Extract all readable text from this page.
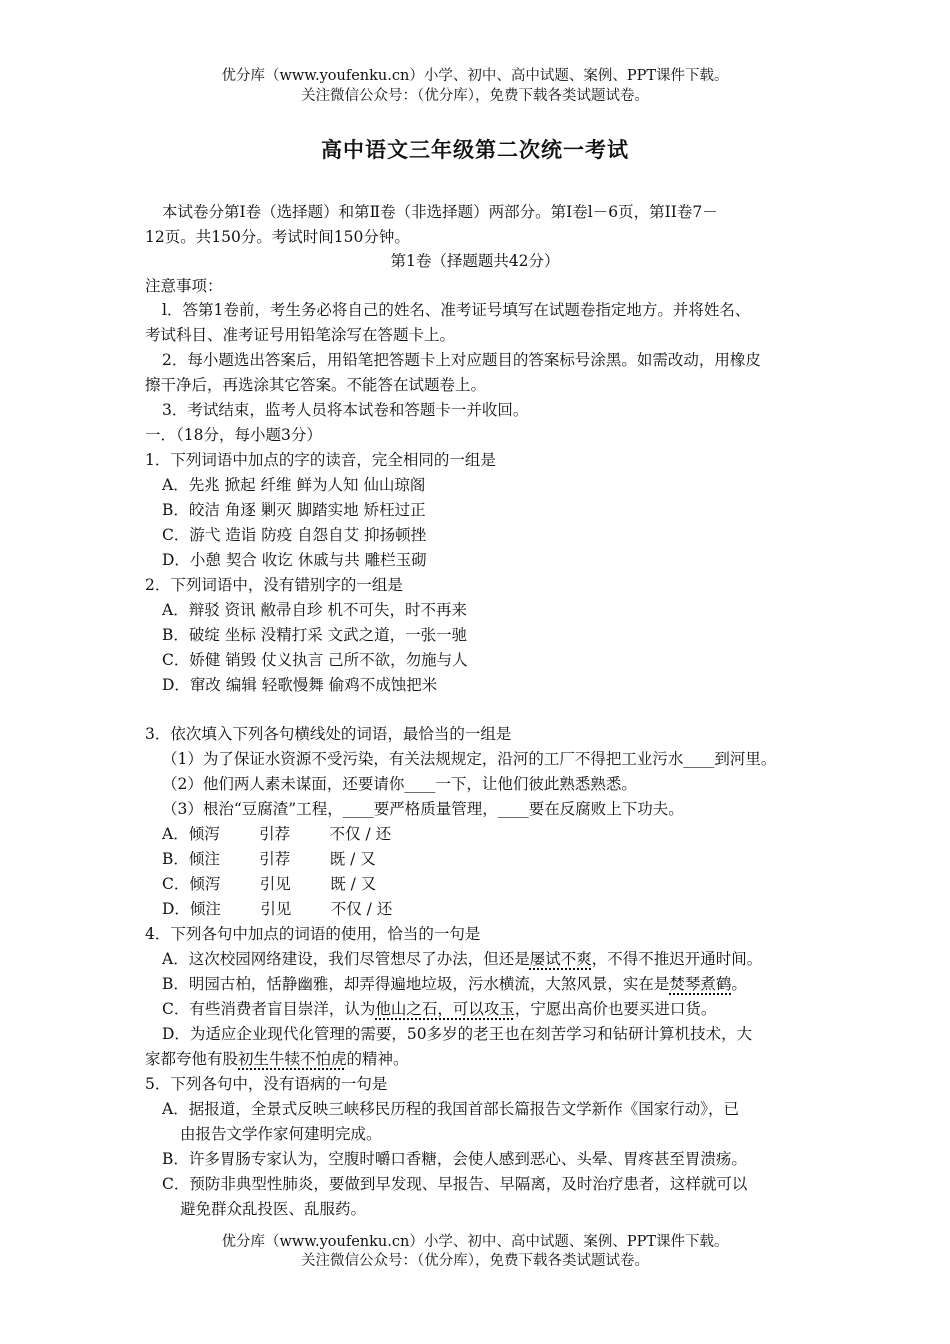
优分库（www.youfenku.cn）小学、初中、高中试题、案例、PPT课件下载。
关注微信公众号：（优分库），免费下载各类试题试卷。
高中语文三年级第二次统一考试
本试卷分第Ⅰ卷（选择题）和第Ⅱ卷（非选择题）两部分。第Ⅰ卷l－6页，第II卷7－
12页。共150分。考试时间150分钟。
第1卷（择题题共42分）
注意事项：
l．答第1卷前，考生务必将自己的姓名、准考证号填写在试题卷指定地方。并将姓名、
考试科目、准考证号用铅笔涂写在答题卡上。
2．每小题选出答案后，用铅笔把答题卡上对应题目的答案标号涂黑。如需改动，用橡皮
擦干净后，再选涂其它答案。不能答在试题卷上。
3．考试结束，监考人员将本试卷和答题卡一并收回。
一．（18分，每小题3分）
1．下列词语中加点的字的读音，完全相同的一组是
A．先兆 掀起 纤维 鲜为人知 仙山琼阁
B．皎洁 角逐 剿灭 脚踏实地 矫枉过正
C．游弋 造诣 防疫 自怨自艾 抑扬顿挫
D．小憩 契合 收讫 休戚与共 雕栏玉砌
2．下列词语中，没有错别字的一组是
A．辩驳 资讯 敝帚自珍 机不可失，时不再来
B．破绽 坐标 没精打采 文武之道，一张一驰
C．娇健 销毁 仗义执言 己所不欲，勿施与人
D．窜改 编辑 轻歌慢舞 偷鸡不成蚀把米
3．依次填入下列各句横线处的词语，最恰当的一组是
（1）为了保证水资源不受污染，有关法规规定，沿河的工厂不得把工业污水____到河里。
（2）他们两人素未谋面，还要请你____一下，让他们彼此熟悉熟悉。
（3）根治“豆腐渣”工程，____要严格质量管理，____要在反腐败上下功夫。
A．倾泻        引荐        不仅 / 还
B．倾注        引荐        既 / 又
C．倾泻        引见        既 / 又
D．倾注        引见        不仅 / 还
4．下列各句中加点的词语的使用，恰当的一句是
A．这次校园网络建设，我们尽管想尽了办法，但还是屡试不爽，不得不推迟开通时间。
B．明园古柏，恬静幽雅，却弄得遍地垃圾，污水横流，大煞风景，实在是焚琴煮鹤。
C．有些消费者盲目崇洋，认为他山之石，可以攻玉，宁愿出高价也要买进口货。
D．为适应企业现代化管理的需要，50多岁的老王也在刻苦学习和钻研计算机技术，大
家都夸他有股初生牛犊不怕虎的精神。
5．下列各句中，没有语病的一句是
A．据报道，全景式反映三峡移民历程的我国首部长篇报告文学新作《国家行动》，已
由报告文学作家何建明完成。
B．许多胃肠专家认为，空腹时嚼口香糖，会使人感到恶心、头晕、胃疼甚至胃溃疡。
C．预防非典型性肺炎，要做到早发现、早报告、早隔离，及时治疗患者，这样就可以
避免群众乱投医、乱服药。
优分库（www.youfenku.cn）小学、初中、高中试题、案例、PPT课件下载。
关注微信公众号：（优分库），免费下载各类试题试卷。
